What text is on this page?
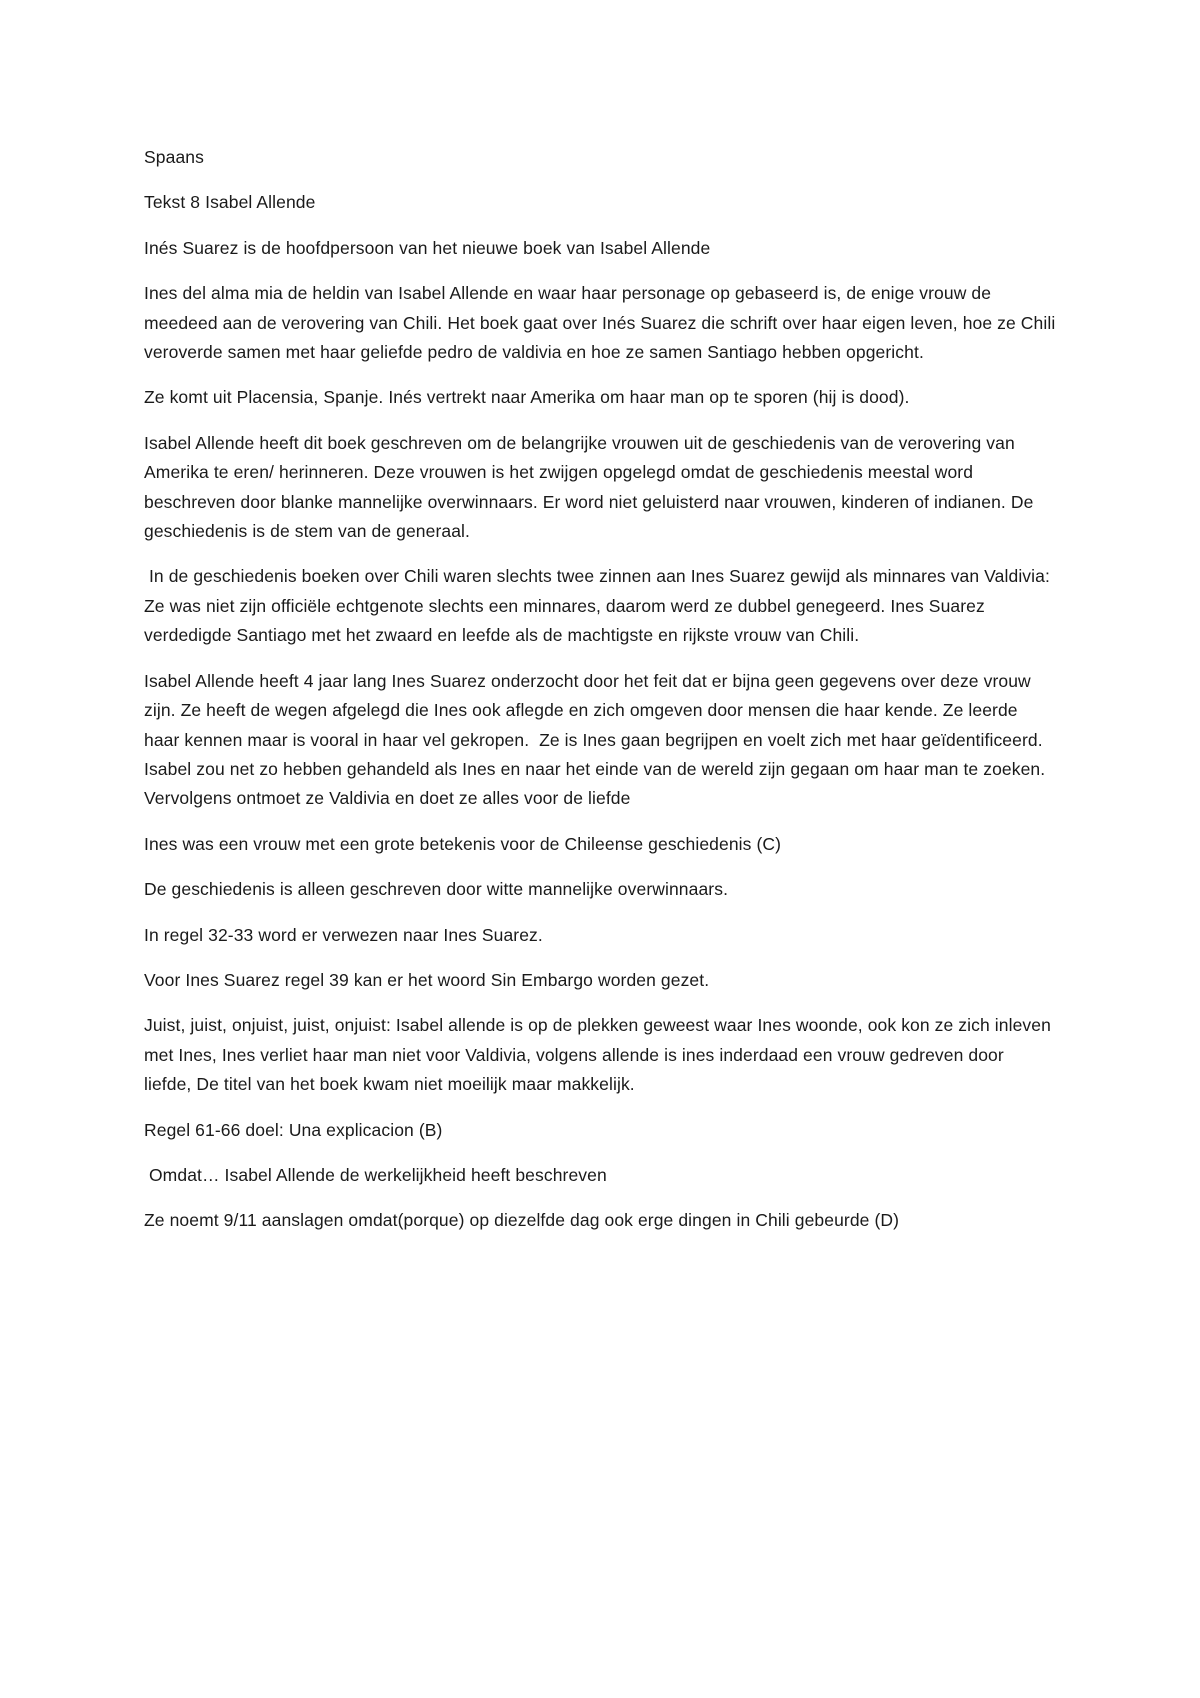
Spaans

Tekst 8 Isabel Allende

Inés Suarez is de hoofdpersoon van het nieuwe boek van Isabel Allende

Ines del alma mia de heldin van Isabel Allende en waar haar personage op gebaseerd is, de enige vrouw de meedeed aan de verovering van Chili. Het boek gaat over Inés Suarez die schrift over haar eigen leven, hoe ze Chili veroverde samen met haar geliefde pedro de valdivia en hoe ze samen Santiago hebben opgericht.

Ze komt uit Placensia, Spanje. Inés vertrekt naar Amerika om haar man op te sporen (hij is dood).

Isabel Allende heeft dit boek geschreven om de belangrijke vrouwen uit de geschiedenis van de verovering van Amerika te eren/ herinneren. Deze vrouwen is het zwijgen opgelegd omdat de geschiedenis meestal word beschreven door blanke mannelijke overwinnaars. Er word niet geluisterd naar vrouwen, kinderen of indianen. De geschiedenis is de stem van de generaal.

In de geschiedenis boeken over Chili waren slechts twee zinnen aan Ines Suarez gewijd als minnares van Valdivia: Ze was niet zijn officiële echtgenote slechts een minnares, daarom werd ze dubbel genegeerd. Ines Suarez verdedigde Santiago met het zwaard en leefde als de machtigste en rijkste vrouw van Chili.

Isabel Allende heeft 4 jaar lang Ines Suarez onderzocht door het feit dat er bijna geen gegevens over deze vrouw zijn. Ze heeft de wegen afgelegd die Ines ook aflegde en zich omgeven door mensen die haar kende. Ze leerde haar kennen maar is vooral in haar vel gekropen.  Ze is Ines gaan begrijpen en voelt zich met haar geïdentificeerd. Isabel zou net zo hebben gehandeld als Ines en naar het einde van de wereld zijn gegaan om haar man te zoeken. Vervolgens ontmoet ze Valdivia en doet ze alles voor de liefde

Ines was een vrouw met een grote betekenis voor de Chileense geschiedenis (C)

De geschiedenis is alleen geschreven door witte mannelijke overwinnaars.

In regel 32-33 word er verwezen naar Ines Suarez.

Voor Ines Suarez regel 39 kan er het woord Sin Embargo worden gezet.

Juist, juist, onjuist, juist, onjuist: Isabel allende is op de plekken geweest waar Ines woonde, ook kon ze zich inleven met Ines, Ines verliet haar man niet voor Valdivia, volgens allende is ines inderdaad een vrouw gedreven door liefde, De titel van het boek kwam niet moeilijk maar makkelijk.

Regel 61-66 doel: Una explicacion (B)

Omdat… Isabel Allende de werkelijkheid heeft beschreven

Ze noemt 9/11 aanslagen omdat(porque) op diezelfde dag ook erge dingen in Chili gebeurde (D)
